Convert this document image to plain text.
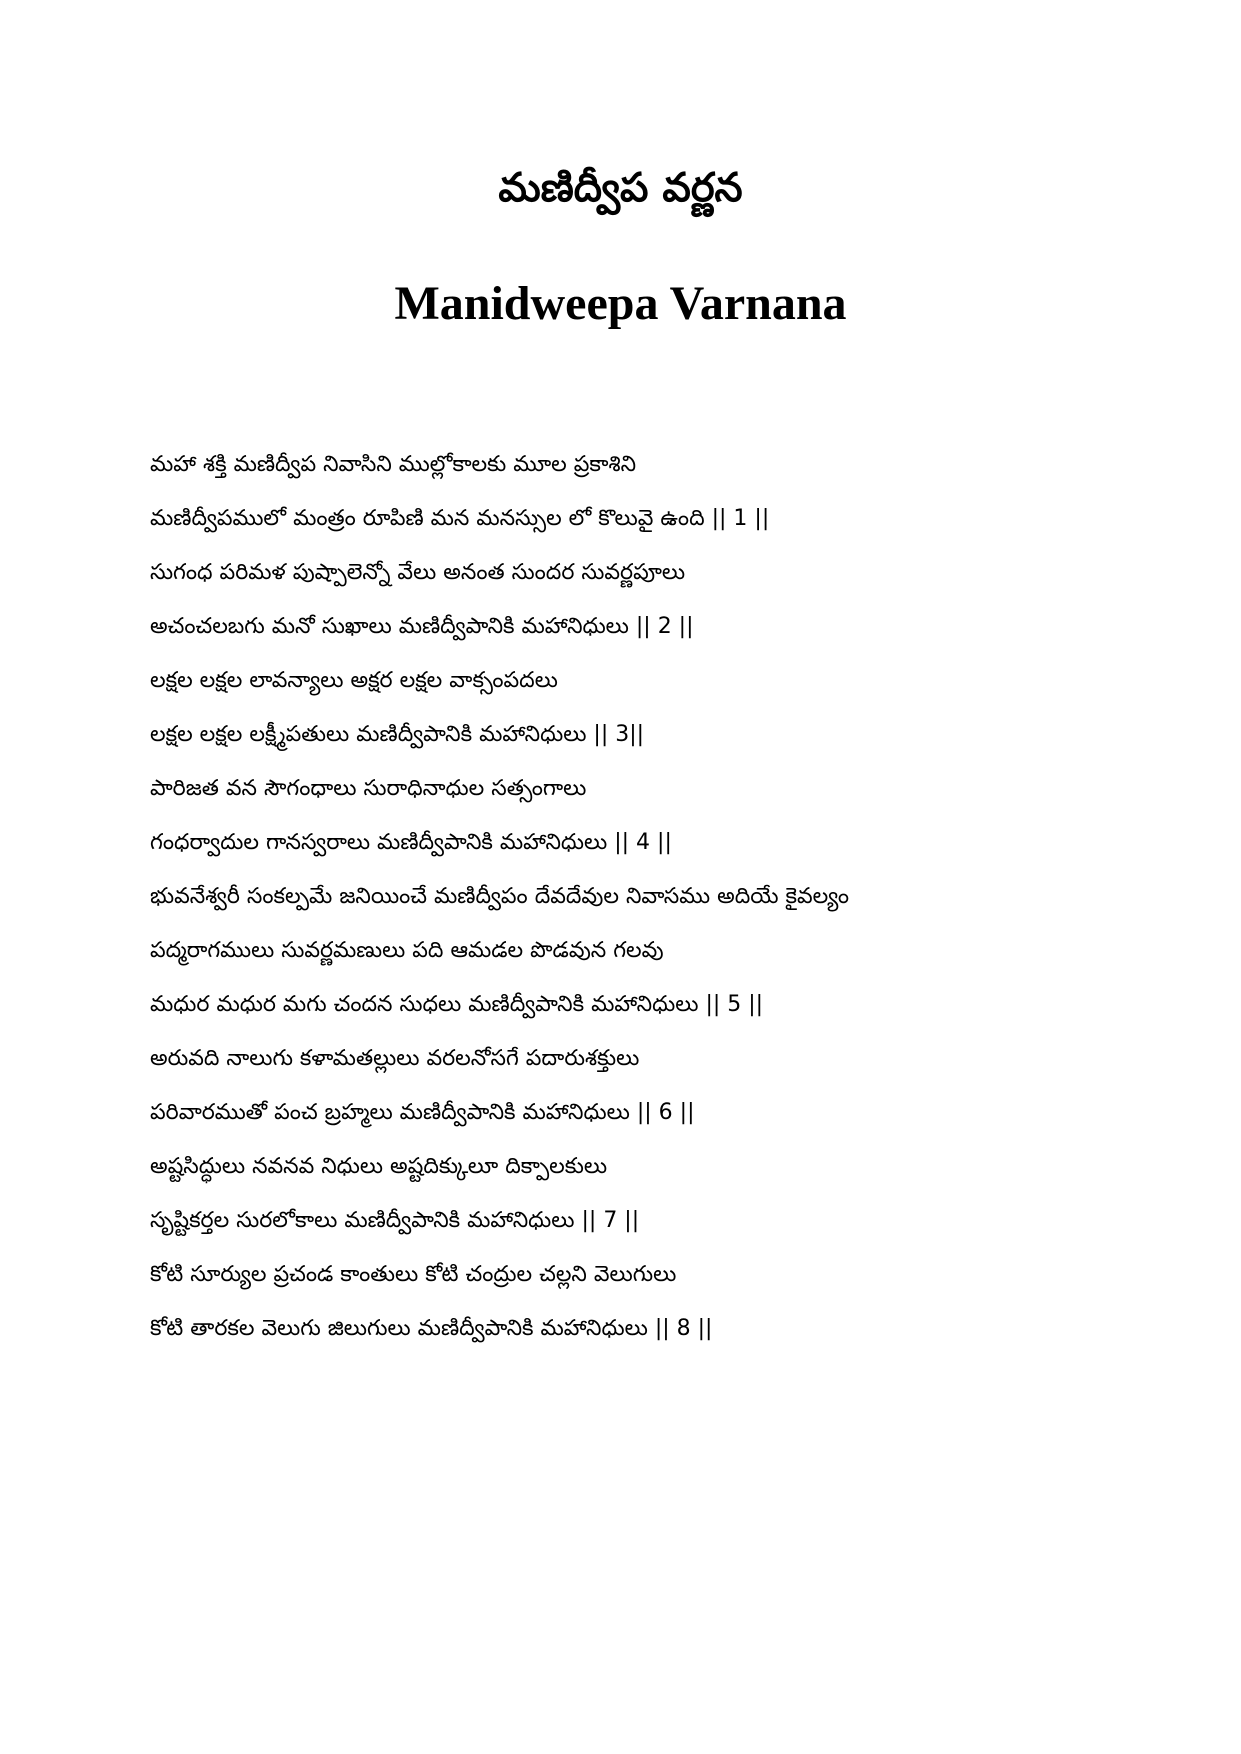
మణిద్వీప వర్ణన
Manidweepa Varnana
మహా శక్తి మణిద్వీప నివాసిని ముల్లోకాలకు మూల ప్రకాశిని
మణిద్వీపములో మంత్రం రూపిణి మన మనస్సుల లో కొలువై ఉంది || 1 ||
సుగంధ పరిమళ పుష్పాలెన్నో వేలు అనంత సుందర సువర్ణపూలు
అచంచలబగు మనో సుఖాలు మణిద్వీపానికి మహానిధులు || 2 ||
లక్షల లక్షల లావన్యాలు అక్షర లక్షల వాక్సంపదలు
లక్షల లక్షల లక్ష్మీపతులు మణిద్వీపానికి మహానిధులు || 3||
పారిజత వన సౌగంధాలు సురాధినాధుల సత్సంగాలు
గంధర్వాదుల గానస్వరాలు మణిద్వీపానికి మహానిధులు || 4 ||
భువనేశ్వరీ సంకల్పమే జనియించే మణిద్వీపం దేవదేవుల నివాసము అదియే కైవల్యం
పద్మరాగములు సువర్ణమణులు పది ఆమడల పొడవున గలవు
మధుర మధుర మగు చందన సుధలు మణిద్వీపానికి మహానిధులు || 5 ||
అరువది నాలుగు కళామతల్లులు వరలనోసగే పదారుశక్తులు
పరివారముతో పంచ బ్రహ్మలు మణిద్వీపానికి మహానిధులు || 6 ||
అష్టసిద్ధులు నవనవ నిధులు అష్టదిక్కులూ దిక్పాలకులు
సృష్టికర్తల సురలోకాలు మణిద్వీపానికి మహానిధులు || 7 ||
కోటి సూర్యుల ప్రచండ కాంతులు కోటి చంద్రుల చల్లని వెలుగులు
కోటి తారకల వెలుగు జిలుగులు మణిద్వీపానికి మహానిధులు || 8 ||
